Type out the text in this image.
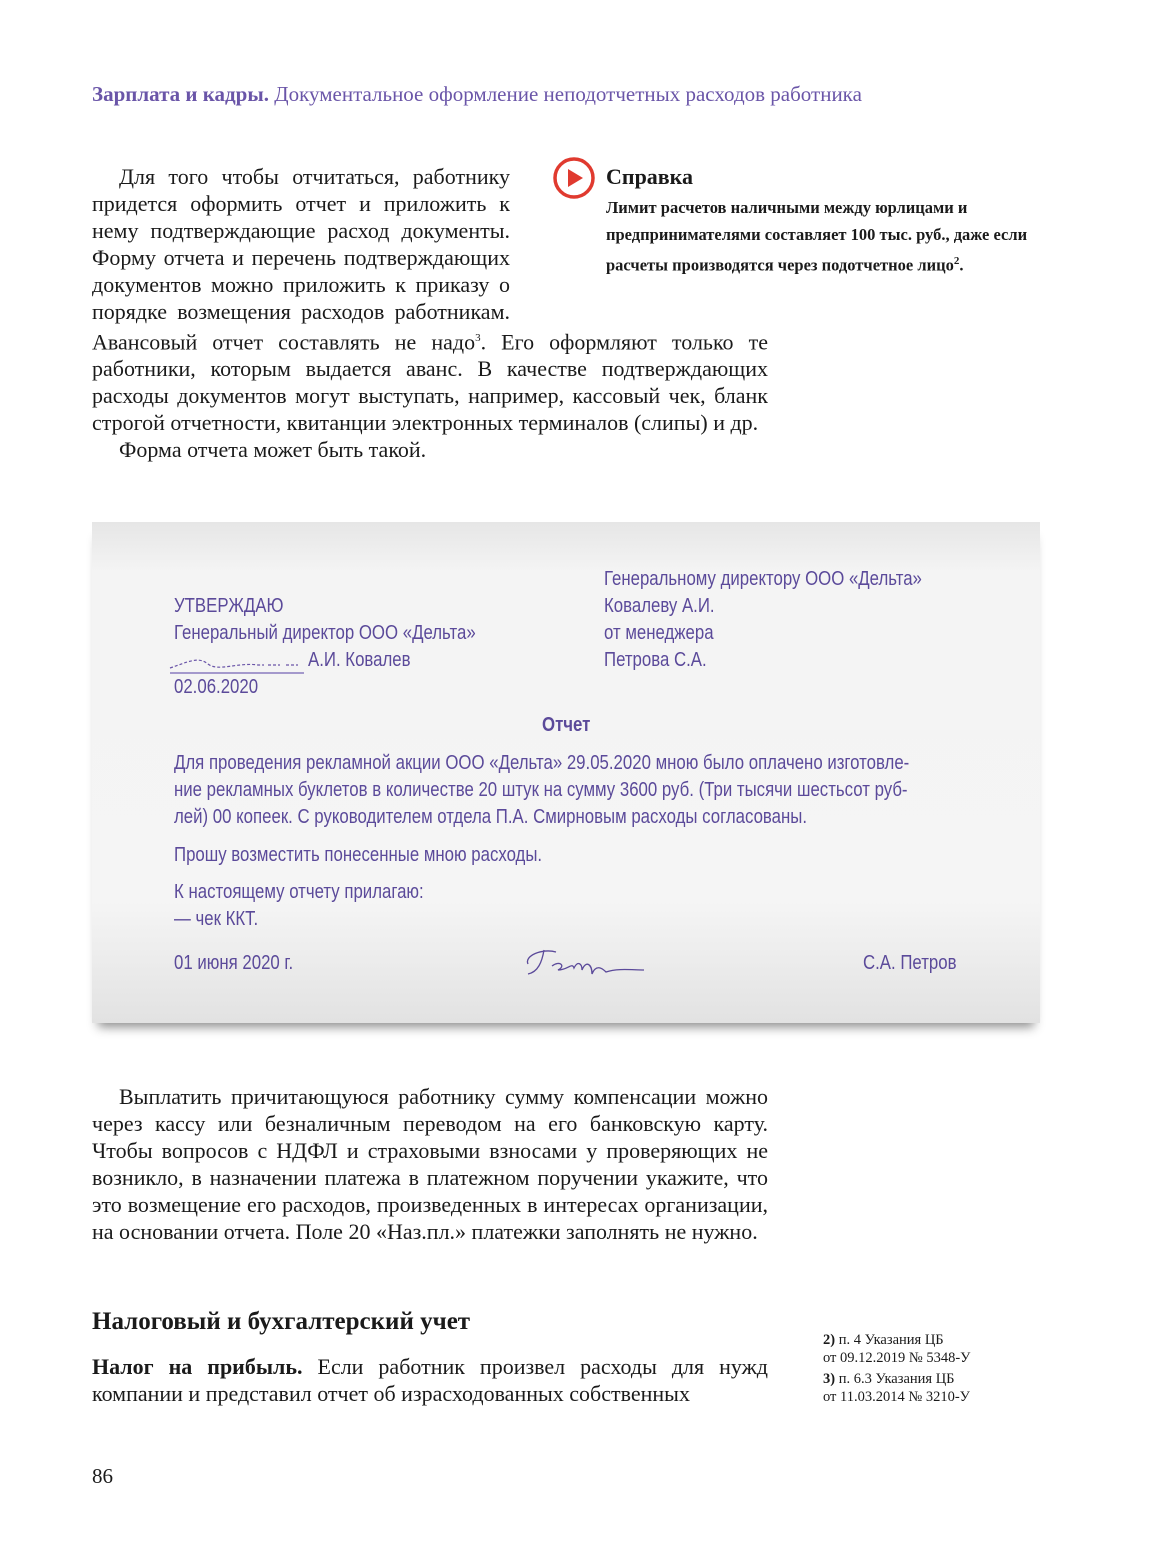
Зарплата и кадры. Документальное оформление неподотчетных расходов работника

Для того чтобы отчитаться, работнику придется оформить отчет и приложить к нему подтверждающие расход документы. Форму отчета и перечень подтверждающих документов можно приложить к приказу о порядке возмещения расходов работникам. Авансовый отчет составлять не надо$^3$. Его оформляют только те работники, которым выдается аванс. В качестве подтверждающих расходы документов могут выступать, например, кассовый чек, бланк строгой отчетности, квитанции электронных терминалов (слипы) и др.

Форма отчета может быть такой.

Справка
Лимит расчетов наличными между юрлицами и предпринимателями составляет 100 тыс. руб., даже если расчеты производятся через подотчетное лицо$^2$.
УТВЕРЖДАЮ
Генеральный директор ООО «Дельта»
А.И. Ковалев
02.06.2020
Генеральному директору ООО «Дельта»
Ковалеву А.И.
от менеджера
Петрова С.А.
Отчет
Для проведения рекламной акции ООО «Дельта» 29.05.2020 мною было оплачено изготовле-
ние рекламных буклетов в количестве 20 штук на сумму 3600 руб. (Три тысячи шестьсот руб-
лей) 00 копеек. С руководителем отдела П.А. Смирновым расходы согласованы.
Прошу возместить понесенные мною расходы.
К настоящему отчету прилагаю:
— чек ККТ.
01 июня 2020 г.	С.А. Петров

Выплатить причитающуюся работнику сумму компенсации можно через кассу или безналичным переводом на его банковскую карту. Чтобы вопросов с НДФЛ и страховыми взносами у проверяющих не возникло, в назначении платежа в платежном поручении укажите, что это возмещение его расходов, произведенных в интересах организации, на основании отчета. Поле 20 «Наз.пл.» платежки заполнять не нужно.

Налоговый и бухгалтерский учет

Налог на прибыль. Если работник произвел расходы для нужд компании и представил отчет об израсходованных собственных

2) п. 4 Указания ЦБ
от 09.12.2019 № 5348-У
3) п. 6.3 Указания ЦБ
от 11.03.2014 № 3210-У
86
